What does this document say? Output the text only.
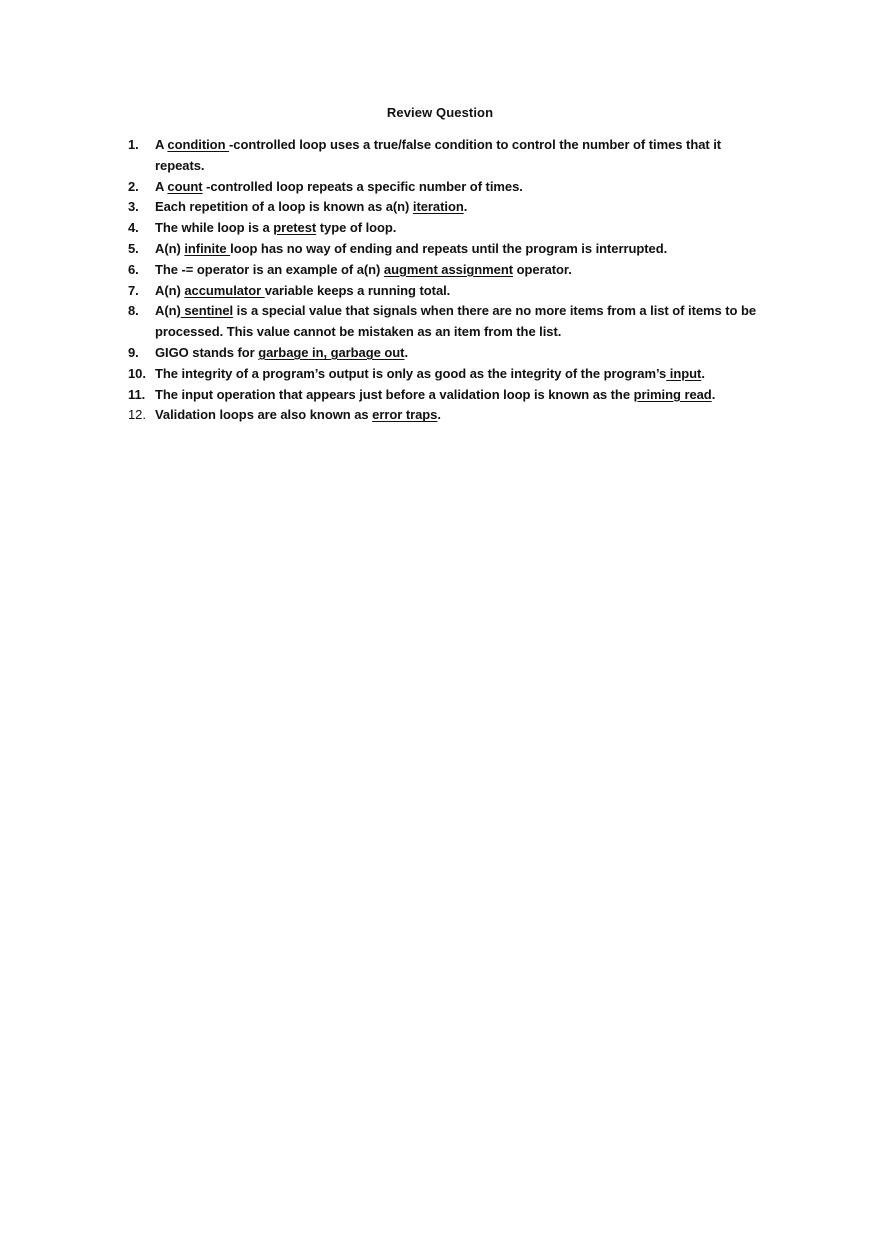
Review Question
1.	A condition -controlled loop uses a true/false condition to control the number of times that it repeats.
2.	A count -controlled loop repeats a specific number of times.
3.	Each repetition of a loop is known as a(n) iteration.
4.	The while loop is a pretest type of loop.
5.	A(n) infinite loop has no way of ending and repeats until the program is interrupted.
6.	The -= operator is an example of a(n) augment assignment operator.
7.	A(n) accumulator variable keeps a running total.
8.	A(n) sentinel is a special value that signals when there are no more items from a list of items to be processed. This value cannot be mistaken as an item from the list.
9.	GIGO stands for garbage in, garbage out.
10. The integrity of a program’s output is only as good as the integrity of the program’s input.
11. The input operation that appears just before a validation loop is known as the priming read.
12. Validation loops are also known as error traps.
